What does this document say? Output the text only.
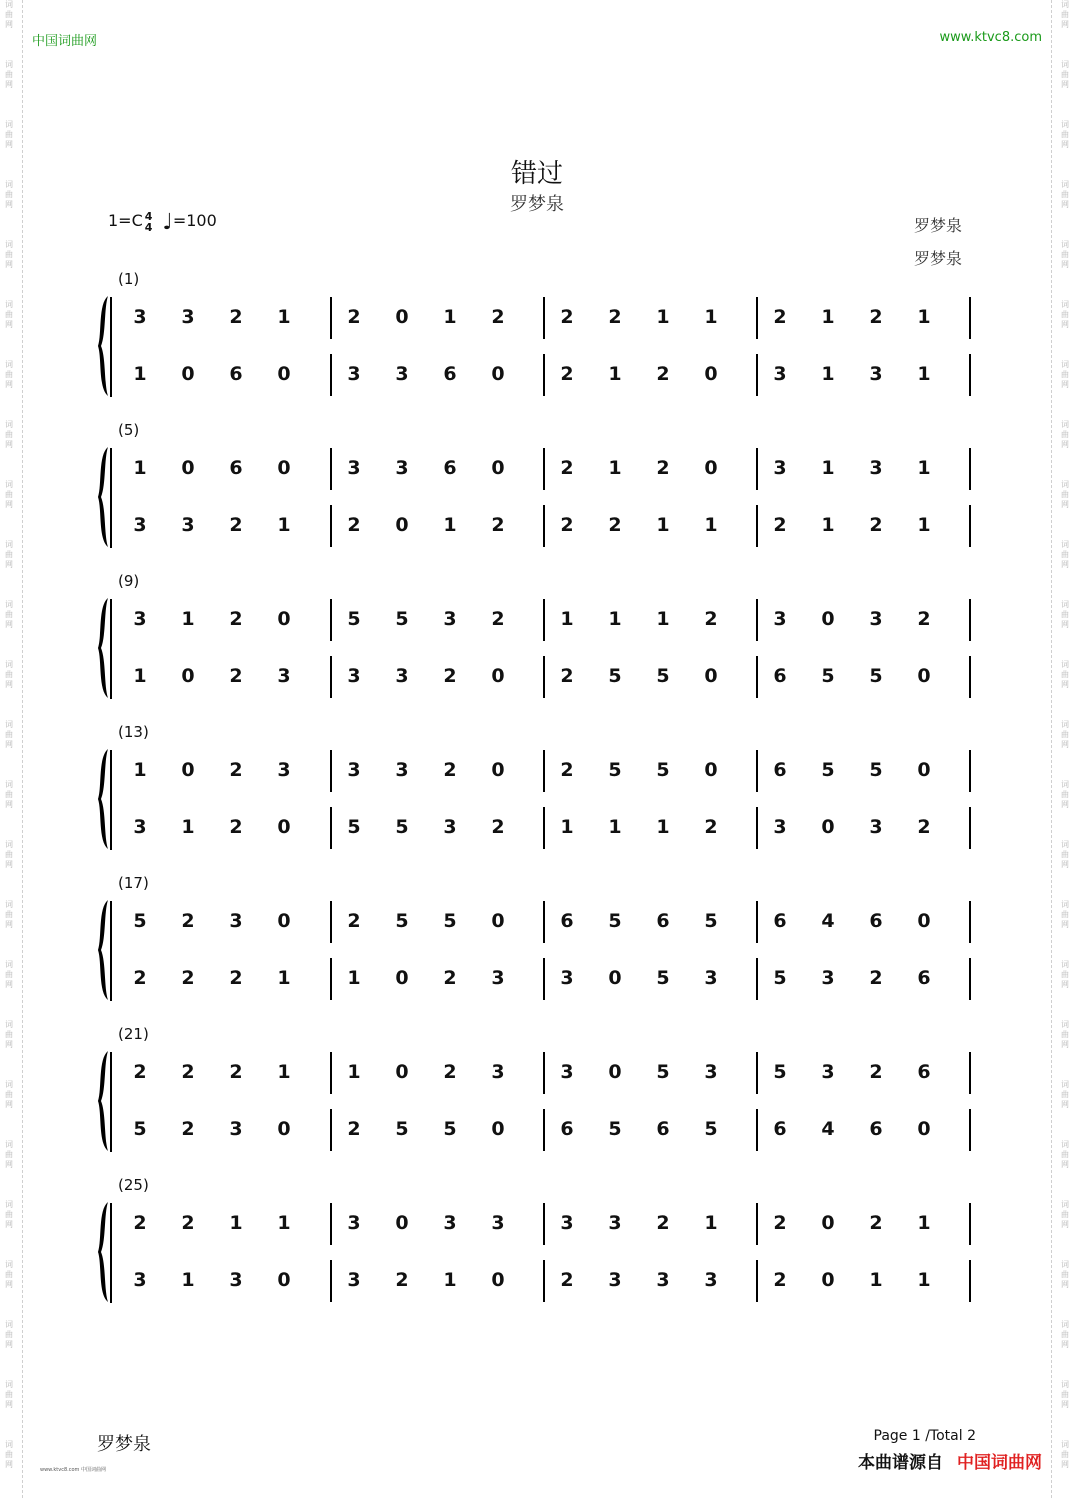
中国词曲网	www.ktvc8.com
错过
罗梦泉
1=C 4
4 ♩=100	罗梦泉
罗梦泉
(1)
3 3 2 1	2 0 1 2	2 2 1 1	2 1 2 1
1 0 6 0	3 3 6 0	2 1 2 0	3 1 3 1
(5)
1 0 6 0	3 3 6 0	2 1 2 0	3 1 3 1
3 3 2 1	2 0 1 2	2 2 1 1	2 1 2 1
(9)
3 1 2 0	5 5 3 2	1 1 1 2	3 0 3 2
1 0 2 3	3 3 2 0	2 5 5 0	6 5 5 0
(13)
1 0 2 3	3 3 2 0	2 5 5 0	6 5 5 0
3 1 2 0	5 5 3 2	1 1 1 2	3 0 3 2
(17)
5 2 3 0	2 5 5 0	6 5 6 5	6 4 6 0
2 2 2 1	1 0 2 3	3 0 5 3	5 3 2 6
(21)
2 2 2 1	1 0 2 3	3 0 5 3	5 3 2 6
5 2 3 0	2 5 5 0	6 5 6 5	6 4 6 0
(25)
2 2 1 1	3 0 3 3	3 3 2 1	2 0 2 1
3 1 3 0	3 2 1 0	2 3 3 3	2 0 1 1
罗梦泉	Page 1 /Total 2
本曲谱源自 中国词曲网
www.ktvc8.com 中国词曲网
词
曲
网
词
曲
网
词
曲
网
词
曲
网
词
曲
网
词
曲
网
词
曲
网
词
曲
网
词
曲
网
词
曲
网
词
曲
网
词
曲
网
词
曲
网
词
曲
网
词
曲
网
词
曲
网
词
曲
网
词
曲
网
词
曲
网
词
曲
网
词
曲
网
词
曲
网
词
曲
网
词
曲
网
词
曲
网
词
曲
网
词
曲
网
词
曲
网
词
曲
网
词
曲
网
词
曲
网
词
曲
网
词
曲
网
词
曲
网
词
曲
网
词
曲
网
词
曲
网
词
曲
网
词
曲
网
词
曲
网
词
曲
网
词
曲
网
词
曲
网
词
曲
网
词
曲
网
词
曲
网
词
曲
网
词
曲
网
词
曲
网
词
曲
网
